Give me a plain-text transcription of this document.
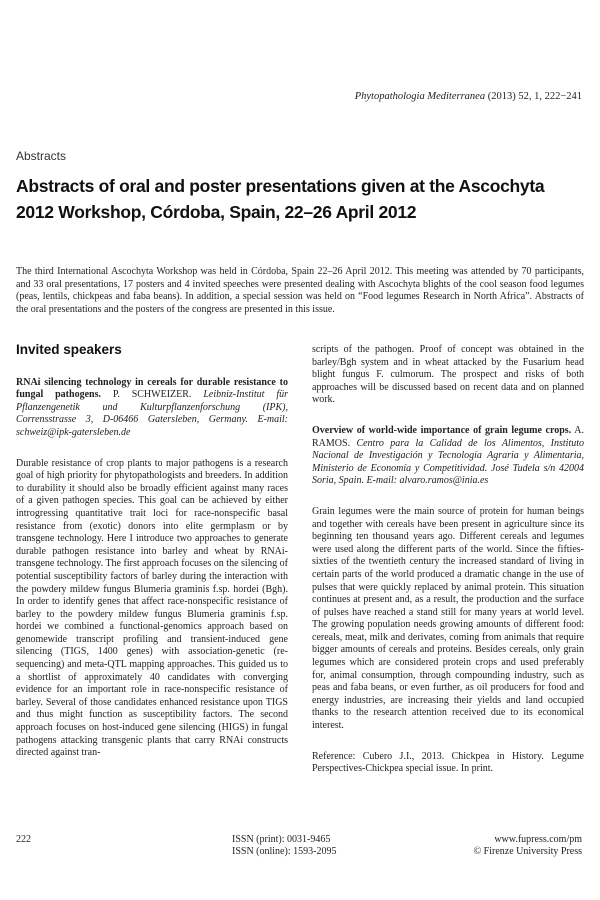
Phytopathologia Mediterranea (2013) 52, 1, 222−241
Abstracts
Abstracts of oral and poster presentations given at the Ascochyta 2012 Workshop, Córdoba, Spain, 22–26 April 2012

The third International Ascochyta Workshop was held in Córdoba, Spain 22–26 April 2012. This meeting was attended by 70 participants, and 33 oral presentations, 17 posters and 4 invited speeches were presented dealing with Ascochyta blights of the cool season food legumes (peas, lentils, chickpeas and faba beans). In addition, a special session was held on “Food legumes Research in North Africa”. Abstracts of the oral presentations and the posters of the congress are presented in this issue.

Invited speakers

RNAi silencing technology in cereals for durable resistance to fungal pathogens. P. SCHWEIZER. Leibniz-Institut für Pflanzengenetik und Kulturpflanzenforschung (IPK), Corrensstrasse 3, D-06466 Gatersleben, Germany. E-mail: schweiz@ipk-gatersleben.de

Durable resistance of crop plants to major pathogens is a research goal of high priority for phytopathologists and breeders. In addition to durability it should also be broadly efficient against many races of a given pathogen species. This goal can be achieved by either introgressing quantitative trait loci for race-nonspecific basal resistance from (exotic) donors into elite germplasm or by transgene technology. Here I introduce two approaches to generate durable pathogen resistance into barley and wheat by RNAi-transgene technology. The first approach focuses on the silencing of potential susceptibility factors of barley during the interaction with the powdery mildew fungus Blumeria graminis f.sp. hordei (Bgh). In order to identify genes that affect race-nonspecific resistance of barley to the powdery mildew fungus Blumeria graminis f.sp. hordei we combined a functional-genomics approach based on genomewide transcript profiling and transient-induced gene silencing (TIGS, 1400 genes) with association-genetic (re-sequencing) and meta-QTL mapping approaches. This guided us to a shortlist of approximately 40 candidates with converging evidence for an important role in race-nonspecific resistance of barley. Several of those candidates enhanced resistance upon TIGS and thus might function as susceptibility factors. The second approach focuses on host-induced gene silencing (HIGS) in fungal pathogens attacking transgenic plants that carry RNAi constructs directed against tran-

scripts of the pathogen. Proof of concept was obtained in the barley/Bgh system and in wheat attacked by the Fusarium head blight fungus F. culmorum. The prospect and risks of both approaches will be discussed based on recent data and on planned work.

Overview of world-wide importance of grain legume crops. A. RAMOS. Centro para la Calidad de los Alimentos, Instituto Nacional de Investigación y Tecnología Agraria y Alimentaria, Ministerio de Economía y Competitividad. José Tudela s/n 42004 Soria, Spain. E-mail: alvaro.ramos@inia.es

Grain legumes were the main source of protein for human beings and together with cereals have been present in agriculture since its beginning ten thousand years ago. Different cereals and legumes were used along the different parts of the world. Since the fifties-sixties of the twentieth century the increased standard of living in certain parts of the world produced a dramatic change in the use of pulses that were quickly replaced by animal protein. This situation continues at present and, as a result, the production and the surface of pulses have reached a stand still for many years at world level. The growing population needs growing amounts of different food: cereals, meat, milk and derivates, coming from animals that require bigger amounts of cereals and proteins. Besides cereals, only grain legumes which are considered protein crops and used preferably for, animal consumption, through compounding industry, such as peas and faba beans, or even further, as oil producers for food and energy industries, are increasing their yields and land occupied thanks to the research attention received due to its economical interest.

Reference: Cubero J.I., 2013. Chickpea in History. Legume Perspectives-Chickpea special issue. In print.

222	ISSN (print): 0031-9465
ISSN (online): 1593-2095
www.fupress.com/pm
© Firenze University Press
